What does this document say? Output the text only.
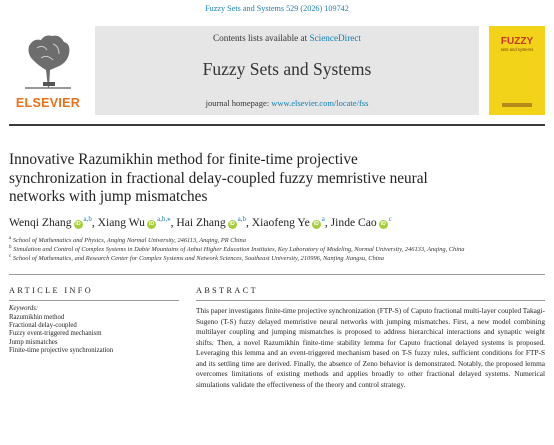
Fuzzy Sets and Systems 529 (2026) 109742
ELSEVIER
Contents lists available at ScienceDirect
Fuzzy Sets and Systems
journal homepage: www.elsevier.com/locate/fss
FUZZY
sets and systems
Innovative Razumikhin method for finite-time projective synchronization in fractional delay-coupled fuzzy memristive neural networks with jump mismatches
Wenqi Zhang iD$^{a,b}$, Xiang Wu $iD^{a,b,⁎}$, Hai Zhang iD$^{a,b}$, Xiaofeng Ye $iD^a$, Jinde Cao $iD^c$
$^a$ School of Mathematics and Physics, Anqing Normal University, 246113, Anqing, PR China
$^b$ Simulation and Control of Complex Systems in Dabie Mountains of Anhui Higher Education Institutes, Key Laboratory of Modeling, Normal University, 246133, Anqing, China
$^c$ School of Mathematics, and Research Center for Complex Systems and Network Sciences, Southeast University, 210996, Nanjing Jiangsu, China
ARTICLE INFO	ABSTRACT
Keywords:
Razumikhin method
Fractional delay-coupled
Fuzzy event-triggered mechanism
Jump mismatches
Finite-time projective synchronization
This paper investigates finite-time projective synchronization (FTP-S) of Caputo fractional multi-layer coupled Takagi-Sugeno (T-S) fuzzy delayed memristive neural networks with jumping mismatches. First, a new model combining multilayer coupling and jumping mismatches is proposed to address hierarchical interactions and synaptic weight shifts. Then, a novel Razumikhin finite-time stability lemma for Caputo fractional delayed systems is proposed. Leveraging this lemma and an event-triggered mechanism based on T-S fuzzy rules, sufficient conditions for FTP-S and its settling time are derived. Finally, the absence of Zeno behavior is demonstrated. Notably, the proposed lemma overcomes limitations of existing methods and applies broadly to other fractional delayed systems. Numerical simulations validate the effectiveness of the theory and control strategy.
